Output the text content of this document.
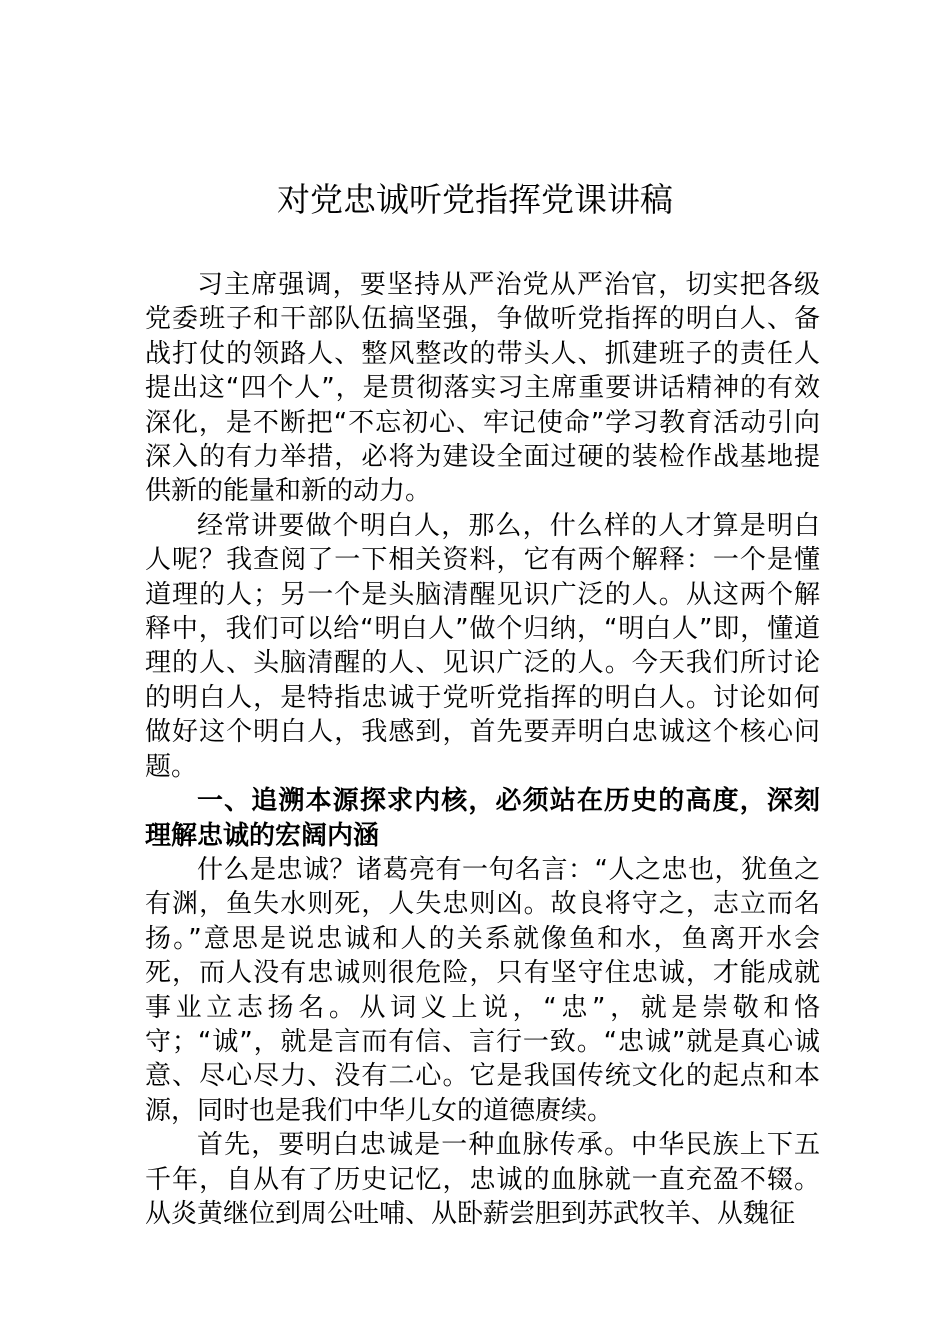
对党忠诚听党指挥党课讲稿

习主席强调，要坚持从严治党从严治官，切实把各级党委班子和干部队伍搞坚强，争做听党指挥的明白人、备战打仗的领路人、整风整改的带头人、抓建班子的责任人提出这“四个人”，是贯彻落实习主席重要讲话精神的有效深化，是不断把“不忘初心、牢记使命”学习教育活动引向深入的有力举措，必将为建设全面过硬的装检作战基地提供新的能量和新的动力。

经常讲要做个明白人，那么，什么样的人才算是明白人呢？我查阅了一下相关资料，它有两个解释：一个是懂道理的人；另一个是头脑清醒见识广泛的人。从这两个解释中，我们可以给“明白人”做个归纳，“明白人”即，懂道理的人、头脑清醒的人、见识广泛的人。今天我们所讨论的明白人，是特指忠诚于党听党指挥的明白人。讨论如何做好这个明白人，我感到，首先要弄明白忠诚这个核心问题。

一、追溯本源探求内核，必须站在历史的高度，深刻理解忠诚的宏阔内涵

什么是忠诚？诸葛亮有一句名言：“人之忠也，犹鱼之有渊，鱼失水则死，人失忠则凶。故良将守之，志立而名扬。”意思是说忠诚和人的关系就像鱼和水，鱼离开水会死，而人没有忠诚则很危险，只有坚守住忠诚，才能成就事业立志扬名。从词义上说，“忠”，就是崇敬和恪守；“诚”，就是言而有信、言行一致。“忠诚”就是真心诚意、尽心尽力、没有二心。它是我国传统文化的起点和本源，同时也是我们中华儿女的道德赓续。

首先，要明白忠诚是一种血脉传承。中华民族上下五千年，自从有了历史记忆，忠诚的血脉就一直充盈不辍。从炎黄继位到周公吐哺、从卧薪尝胆到苏武牧羊、从魏征
